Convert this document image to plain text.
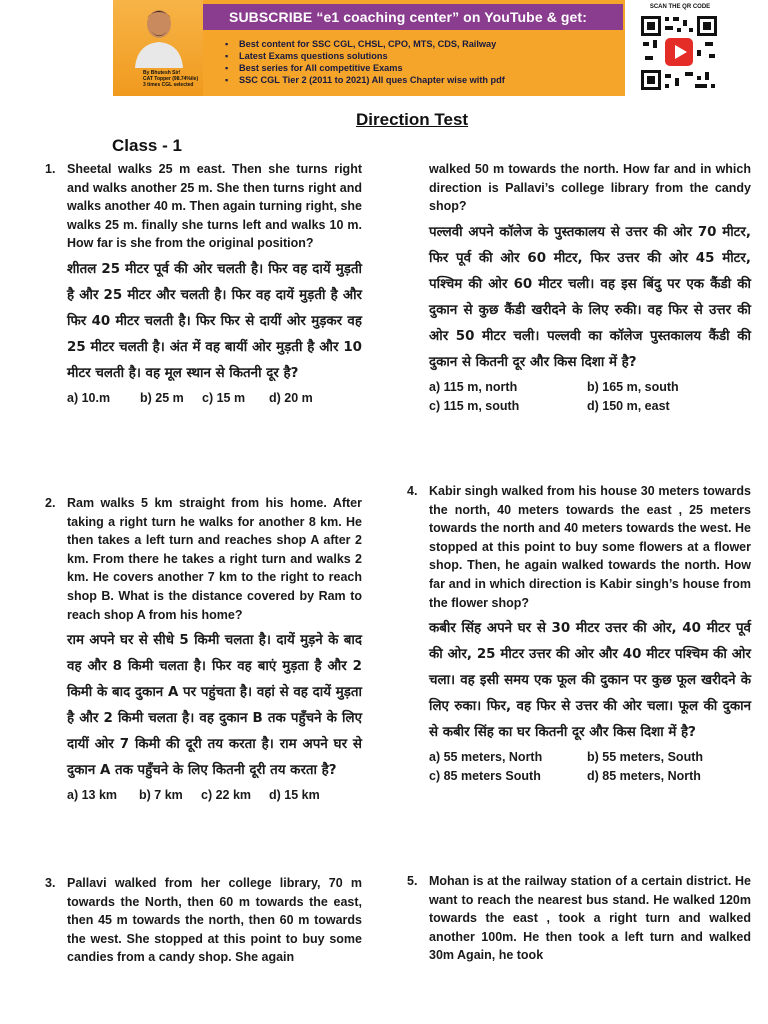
By Bhutesh Sir!
CAT Topper (98.74%ile)
3 times CGL selected
SUBSCRIBE “e1 coaching center” on YouTube & get:
▪ Best content for SSC CGL, CHSL, CPO, MTS, CDS, Railway
▪ Latest Exams questions solutions
▪ Best series for All competitive Exams
▪ SSC CGL Tier 2 (2011 to 2021) All ques Chapter wise with pdf
SCAN THE QR CODE
Direction Test
Class - 1
1. Sheetal walks 25 m east. Then she turns right and walks another 25 m. She then turns right and walks another 40 m. Then again turning right, she walks 25 m. finally she turns left and walks 10 m. How far is she from the original position?
शीतल 25 मीटर पूर्व की ओर चलती है। फिर वह दायें मुड़ती है और 25 मीटर और चलती है। फिर वह दायें मुड़ती है और फिर 40 मीटर चलती है। फिर फिर से दायीं ओर मुड़कर वह 25 मीटर चलती है। अंत में वह बायीं ओर मुड़ती है और 10 मीटर चलती है। वह मूल स्थान से कितनी दूर है?
a) 10.m	b) 25 m	c) 15 m	d) 20 m
2. Ram walks 5 km straight from his home. After taking a right turn he walks for another 8 km. He then takes a left turn and reaches shop A after 2 km. From there he takes a right turn and walks 2 km. He covers another 7 km to the right to reach shop B. What is the distance covered by Ram to reach shop A from his home?
राम अपने घर से सीधे 5 किमी चलता है। दायें मुड़ने के बाद वह और 8 किमी चलता है। फिर वह बाएं मुड़ता है और 2 किमी के बाद दुकान A पर पहुंचता है। वहां से वह दायें मुड़ता है और 2 किमी चलता है। वह दुकान B तक पहुँचने के लिए दायीं ओर 7 किमी की दूरी तय करता है। राम अपने घर से दुकान A तक पहुँचने के लिए कितनी दूरी तय करता है?
a) 13 km	b) 7 km	c) 22 km	d) 15 km
3. Pallavi walked from her college library, 70 m towards the North, then 60 m towards the east, then 45 m towards the north, then 60 m towards the west. She stopped at this point to buy some candies from a candy shop. She again
walked 50 m towards the north. How far and in which direction is Pallavi’s college library from the candy shop?
पल्लवी अपने कॉलेज के पुस्तकालय से उत्तर की ओर 70 मीटर, फिर पूर्व की ओर 60 मीटर, फिर उत्तर की ओर 45 मीटर, पश्चिम की ओर 60 मीटर चली। वह इस बिंदु पर एक कैंडी की दुकान से कुछ कैंडी खरीदने के लिए रुकी। वह फिर से उत्तर की ओर 50 मीटर चली। पल्लवी का कॉलेज पुस्तकालय कैंडी की दुकान से कितनी दूर और किस दिशा में है?
a) 115 m, north	b) 165 m, south
c) 115 m, south	d) 150 m, east
4. Kabir singh walked from his house 30 meters towards the north, 40 meters towards the east , 25 meters towards the north and 40 meters towards the west. He stopped at this point to buy some flowers at a flower shop. Then, he again walked towards the north. How far and in which direction is Kabir singh’s house from the flower shop?
कबीर सिंह अपने घर से 30 मीटर उत्तर की ओर, 40 मीटर पूर्व की ओर, 25 मीटर उत्तर की ओर और 40 मीटर पश्चिम की ओर चला। वह इसी समय एक फूल की दुकान पर कुछ फूल खरीदने के लिए रुका। फिर, वह फिर से उत्तर की ओर चला। फूल की दुकान से कबीर सिंह का घर कितनी दूर और किस दिशा में है?
a) 55 meters, North	b) 55 meters, South
c) 85 meters South	d) 85 meters, North
5. Mohan is at the railway station of a certain district. He want to reach the nearest bus stand. He walked 120m towards the east , took a right turn and walked another 100m. He then took a left turn and walked 30m Again, he took
